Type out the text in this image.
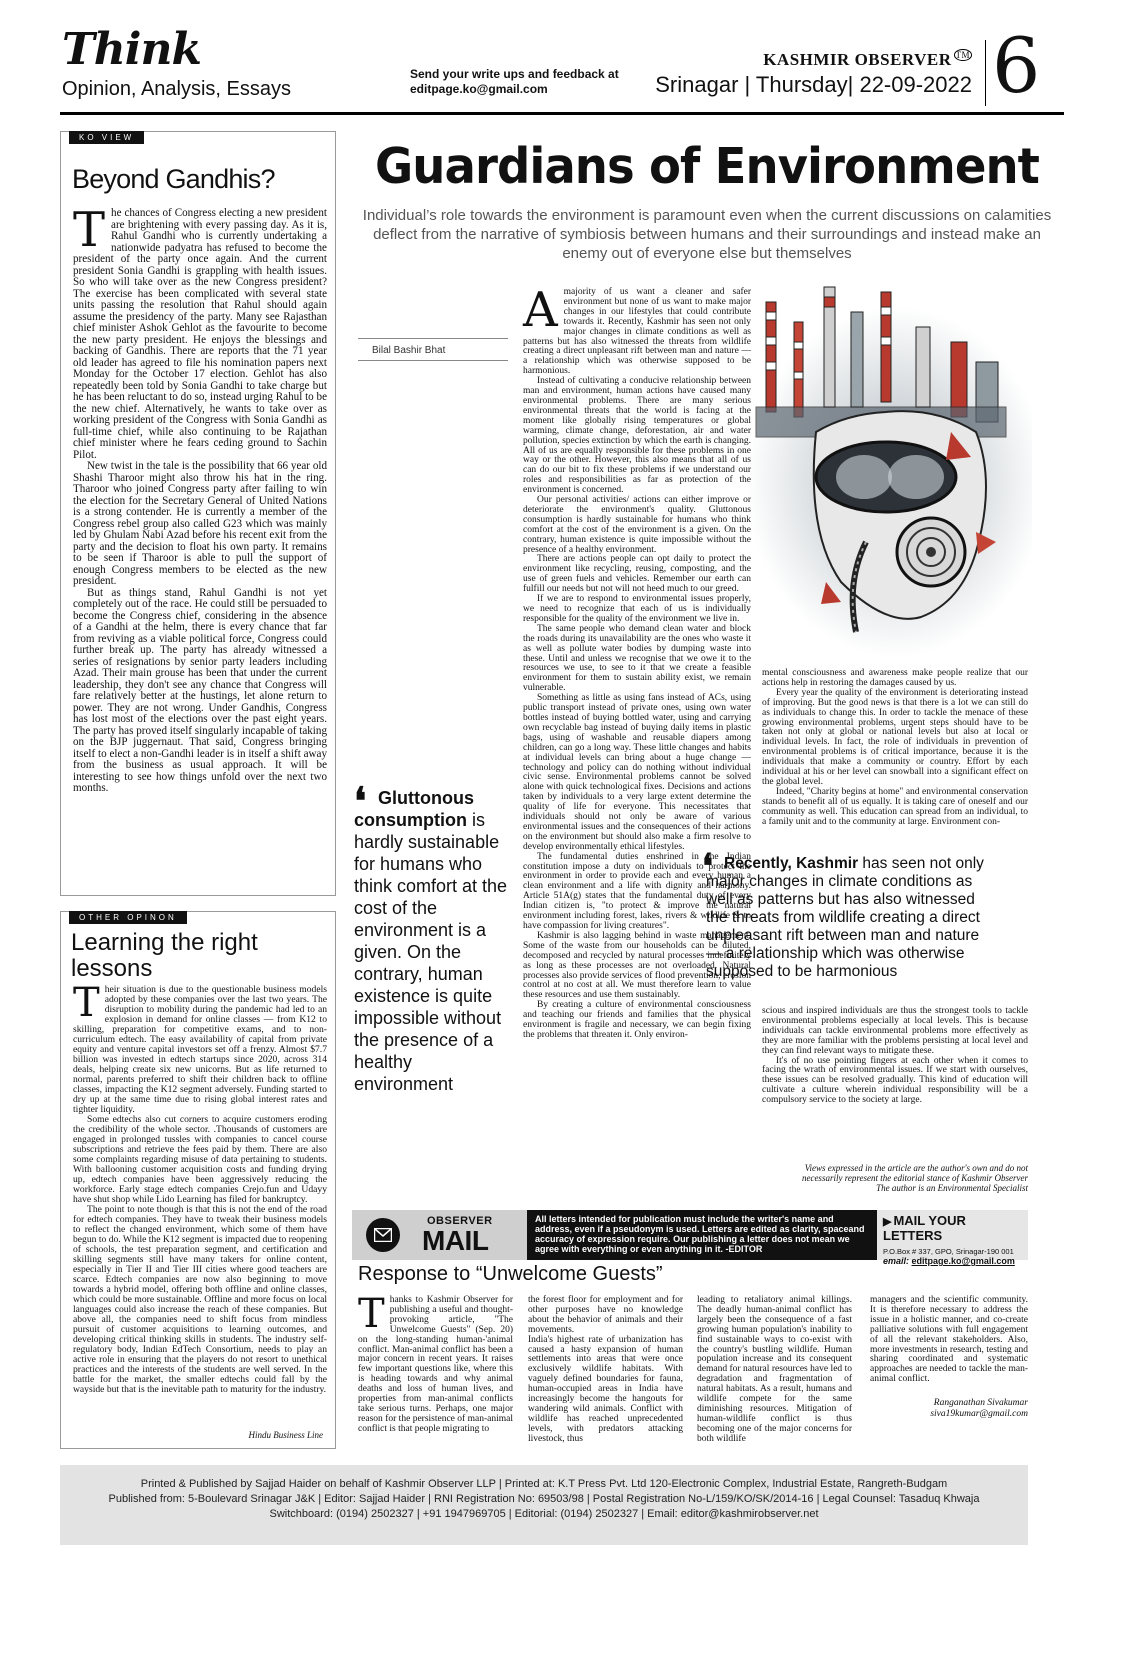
Think
Opinion, Analysis, Essays
Send your write ups and feedback at
editpage.ko@gmail.com
KASHMIR OBSERVER ™
Srinagar | Thursday| 22-09-2022 6
KO VIEW
Beyond Gandhis?

The chances of Congress electing a new president are brightening with every passing day. As it is, Rahul Gandhi who is currently undertaking a nationwide padyatra has refused to become the president of the party once again. And the current president Sonia Gandhi is grappling with health issues. So who will take over as the new Congress president? The exercise has been complicated with several state units passing the resolution that Rahul should again assume the presidency of the party. Many see Rajasthan chief minister Ashok Gehlot as the favourite to become the new party president. He enjoys the blessings and backing of Gandhis. There are reports that the 71 year old leader has agreed to file his nomination papers next Monday for the October 17 election. Gehlot has also repeatedly been told by Sonia Gandhi to take charge but he has been reluctant to do so, instead urging Rahul to be the new chief. Alternatively, he wants to take over as working president of the Congress with Sonia Gandhi as full-time chief, while also continuing to be Rajathan chief minister where he fears ceding ground to Sachin Pilot.

New twist in the tale is the possibility that 66 year old Shashi Tharoor might also throw his hat in the ring. Tharoor who joined Congress party after failing to win the election for the Secretary General of United Nations is a strong contender. He is currently a member of the Congress rebel group also called G23 which was mainly led by Ghulam Nabi Azad before his recent exit from the party and the decision to float his own party. It remains to be seen if Tharoor is able to pull the support of enough Congress members to be elected as the new president.

But as things stand, Rahul Gandhi is not yet completely out of the race. He could still be persuaded to become the Congress chief, considering in the absence of a Gandhi at the helm, there is every chance that far from reviving as a viable political force, Congress could further break up. The party has already witnessed a series of resignations by senior party leaders including Azad. Their main grouse has been that under the current leadership, they don't see any chance that Congress will fare relatively better at the hustings, let alone return to power. They are not wrong. Under Gandhis, Congress has lost most of the elections over the past eight years. The party has proved itself singularly incapable of taking on the BJP juggernaut. That said, Congress bringing itself to elect a non-Gandhi leader is in itself a shift away from the business as usual approach. It will be interesting to see how things unfold over the next two months.

OTHER OPINON
Learning the right lessons

Their situation is due to the questionable business models adopted by these companies over the last two years. The disruption to mobility during the pandemic had led to an explosion in demand for online classes — from K12 to skilling, preparation for competitive exams, and to non-curriculum edtech. The easy availability of capital from private equity and venture capital investors set off a frenzy. Almost $7.7 billion was invested in edtech startups since 2020, across 314 deals, helping create six new unicorns. But as life returned to normal, parents preferred to shift their children back to offline classes, impacting the K12 segment adversely. Funding started to dry up at the same time due to rising global interest rates and tighter liquidity.

Some edtechs also cut corners to acquire customers eroding the credibility of the whole sector. .Thousands of customers are engaged in prolonged tussles with companies to cancel course subscriptions and retrieve the fees paid by them. There are also some complaints regarding misuse of data pertaining to students. With ballooning customer acquisition costs and funding drying up, edtech companies have been aggressively reducing the workforce. Early stage edtech companies Crejo.fun and Udayy have shut shop while Lido Learning has filed for bankruptcy.

The point to note though is that this is not the end of the road for edtech companies. They have to tweak their business models to reflect the changed environment, which some of them have begun to do. While the K12 segment is impacted due to reopening of schools, the test preparation segment, and certification and skilling segments still have many takers for online content, especially in Tier II and Tier III cities where good teachers are scarce. Edtech companies are now also beginning to move towards a hybrid model, offering both offline and online classes, which could be more sustainable. Offline and more focus on local languages could also increase the reach of these companies. But above all, the companies need to shift focus from mindless pursuit of customer acquisitions to learning outcomes, and developing critical thinking skills in students. The industry self-regulatory body, Indian EdTech Consortium, needs to play an active role in ensuring that the players do not resort to unethical practices and the interests of the students are well served. In the battle for the market, the smaller edtechs could fall by the wayside but that is the inevitable path to maturity for the industry.

Hindu Business Line
Guardians of Environment
Individual’s role towards the environment is paramount even when the current discussions on calamities deflect from the narrative of symbiosis between humans and their surroundings and instead make an enemy out of everyone else but themselves
Bilal Bashir Bhat
❛ Gluttonous consumption is hardly sustainable for humans who think comfort at the cost of the environment is a given. On the contrary, human existence is quite impossible without the presence of a healthy environment

Amajority of us want a cleaner and safer environment but none of us want to make major changes in our lifestyles that could contribute towards it. Recently, Kashmir has seen not only major changes in climate conditions as well as patterns but has also witnessed the threats from wildlife creating a direct unpleasant rift between man and nature — a relationship which was otherwise supposed to be harmonious.

Instead of cultivating a conducive relationship between man and environment, human actions have caused many environmental problems. There are many serious environmental threats that the world is facing at the moment like globally rising temperatures or global warming, climate change, deforestation, air and water pollution, species extinction by which the earth is changing. All of us are equally responsible for these problems in one way or the other. However, this also means that all of us can do our bit to fix these problems if we understand our roles and responsibilities as far as protection of the environment is concerned.

Our personal activities/ actions can either improve or deteriorate the environment's quality. Gluttonous consumption is hardly sustainable for humans who think comfort at the cost of the environment is a given. On the contrary, human existence is quite impossible without the presence of a healthy environment.

There are actions people can opt daily to protect the environment like recycling, reusing, composting, and the use of green fuels and vehicles. Remember our earth can fulfill our needs but not will not heed much to our greed.

If we are to respond to environmental issues properly, we need to recognize that each of us is individually responsible for the quality of the environment we live in.

The same people who demand clean water and block the roads during its unavailability are the ones who waste it as well as pollute water bodies by dumping waste into these. Until and unless we recognise that we owe it to the resources we use, to see to it that we create a feasible environment for them to sustain ability exist, we remain vulnerable.

Something as little as using fans instead of ACs, using public transport instead of private ones, using own water bottles instead of buying bottled water, using and carrying own recyclable bag instead of buying daily items in plastic bags, using of washable and reusable diapers among children, can go a long way. These little changes and habits at individual levels can bring about a huge change — technology and policy can do nothing without individual civic sense. Environmental problems cannot be solved alone with quick technological fixes. Decisions and actions taken by individuals to a very large extent determine the quality of life for everyone. This necessitates that individuals should not only be aware of various environmental issues and the consequences of their actions on the environment but should also make a firm resolve to develop environmentally ethical lifestyles.

The fundamental duties enshrined in the Indian constitution impose a duty on individuals to protect the environment in order to provide each and every human a clean environment and a life with dignity and harmony. Article 51A(g) states that the fundamental duty of every Indian citizen is, "to protect & improve the natural environment including forest, lakes, rivers & wildlife & to have compassion for living creatures".

Kashmir is also lagging behind in waste management. Some of the waste from our households can be diluted, decomposed and recycled by natural processes indefinitely as long as these processes are not overloaded. Natural processes also provide services of flood prevention, erosion control at no cost at all. We must therefore learn to value these resources and use them sustainably.

By creating a culture of environmental consciousness and teaching our friends and families that the physical environment is fragile and necessary, we can begin fixing the problems that threaten it. Only environ-

mental consciousness and awareness make people realize that our actions help in restoring the damages caused by us.

Every year the quality of the environment is deteriorating instead of improving. But the good news is that there is a lot we can still do as individuals to change this. In order to tackle the menace of these growing environmental problems, urgent steps should have to be taken not only at global or national levels but also at local or individual levels. In fact, the role of individuals in prevention of environmental problems is of critical importance, because it is the individuals that make a community or country. Effort by each individual at his or her level can snowball into a significant effect on the global level.

Indeed, "Charity begins at home" and environmental conservation stands to benefit all of us equally. It is taking care of oneself and our community as well. This education can spread from an individual, to a family unit and to the community at large. Environment con-

❛ Recently, Kashmir has seen not only major changes in climate conditions as well as patterns but has also witnessed the threats from wildlife creating a direct unpleasant rift between man and nature — a relationship which was otherwise supposed to be harmonious

scious and inspired individuals are thus the strongest tools to tackle environmental problems especially at local levels. This is because individuals can tackle environmental problems more effectively as they are more familiar with the problems persisting at local level and they can find relevant ways to mitigate these.

It's of no use pointing fingers at each other when it comes to facing the wrath of environmental issues. If we start with ourselves, these issues can be resolved gradually. This kind of education will cultivate a culture wherein individual responsibility will be a compulsory service to the society at large.

Views expressed in the article are the author's own and do not necessarily represent the editorial stance of Kashmir Observer
The author is an Environmental Specialist
OBSERVER
MAIL
All letters intended for publication must include the writer's name and address, even if a pseudonym is used. Letters are edited as clarity, spaceand accuracy of expression require. Our publishing a letter does not mean we agree with everything or even anything in it. -EDITOR
▶ MAIL YOUR LETTERS
P.O.Box # 337, GPO, Srinagar-190 001
email: editpage.ko@gmail.com
Response to “Unwelcome Guests”
Thanks to Kashmir Observer for publishing a useful and thought-provoking article, "The Unwelcome Guests" (Sep. 20) on the long-standing human-'animal conflict. Man-animal conflict has been a major concern in recent years. It raises few important questions like, where this is heading towards and why animal deaths and loss of human lives, and properties from man-animal conflicts take serious turns. Perhaps, one major reason for the persistence of man-animal conflict is that people migrating to
the forest floor for employment and for other purposes have no knowledge about the behavior of animals and their movements.
India's highest rate of urbanization has caused a hasty expansion of human settlements into areas that were once exclusively wildlife habitats. With vaguely defined boundaries for fauna, human-occupied areas in India have increasingly become the hangouts for wandering wild animals. Conflict with wildlife has reached unprecedented levels, with predators attacking livestock, thus
leading to retaliatory animal killings. The deadly human-animal conflict has largely been the consequence of a fast growing human population's inability to find sustainable ways to co-exist with the country's bustling wildlife. Human population increase and its consequent demand for natural resources have led to degradation and fragmentation of natural habitats. As a result, humans and wildlife compete for the same diminishing resources. Mitigation of human-wildlife conflict is thus becoming one of the major concerns for both wildlife
managers and the scientific community. It is therefore necessary to address the issue in a holistic manner, and co-create palliative solutions with full engagement of all the relevant stakeholders. Also, more investments in research, testing and sharing coordinated and systematic approaches are needed to tackle the man-animal conflict.
Ranganathan Sivakumar
siva19kumar@gmail.com
Printed & Published by Sajjad Haider on behalf of Kashmir Observer LLP | Printed at: K.T Press Pvt. Ltd 120-Electronic Complex, Industrial Estate, Rangreth-Budgam
Published from: 5-Boulevard Srinagar J&K | Editor: Sajjad Haider | RNI Registration No: 69503/98 | Postal Registration No-L/159/KO/SK/2014-16 | Legal Counsel: Tasaduq Khwaja
Switchboard: (0194) 2502327 | +91 1947969705 | Editorial: (0194) 2502327 | Email: editor@kashmirobserver.net
